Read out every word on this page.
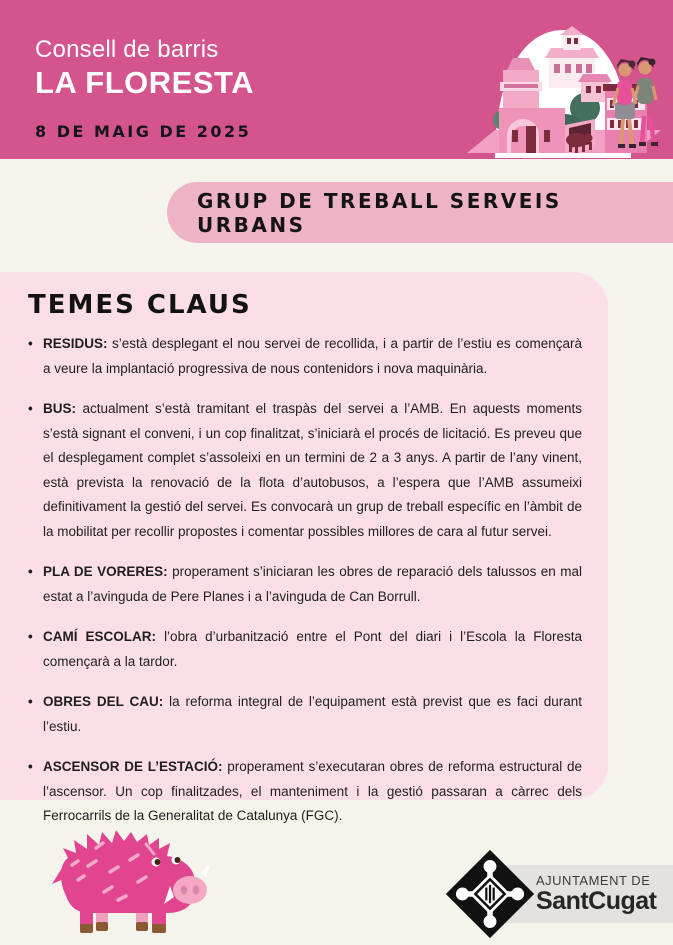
Consell de barris
LA FLORESTA
8 DE MAIG DE 2025
GRUP DE TREBALL SERVEIS URBANS
TEMES CLAUS
• RESIDUS: s’està desplegant el nou servei de recollida, i a partir de l’estiu es començarà a veure la implantació progressiva de nous contenidors i nova maquinària.
• BUS: actualment s’està tramitant el traspàs del servei a l’AMB. En aquests moments s’està signant el conveni, i un cop finalitzat, s’iniciarà el procés de licitació. Es preveu que el desplegament complet s’assoleixi en un termini de 2 a 3 anys. A partir de l’any vinent, està prevista la renovació de la flota d’autobusos, a l’espera que l’AMB assumeixi definitivament la gestió del servei. Es convocarà un grup de treball específic en l’àmbit de la mobilitat per recollir propostes i comentar possibles millores de cara al futur servei.
• PLA DE VORERES: properament s’iniciaran les obres de reparació dels talussos en mal estat a l’avinguda de Pere Planes i a l’avinguda de Can Borrull.
• CAMÍ ESCOLAR: l’obra d’urbanització entre el Pont del diari i l’Escola la Floresta començarà a la tardor.
• OBRES DEL CAU: la reforma integral de l’equipament està previst que es faci durant l’estiu.
• ASCENSOR DE L’ESTACIÓ: properament s’executaran obres de reforma estructural de l’ascensor. Un cop finalitzades, el manteniment i la gestió passaran a càrrec dels Ferrocarrils de la Generalitat de Catalunya (FGC).
AJUNTAMENT DE
SantCugat
